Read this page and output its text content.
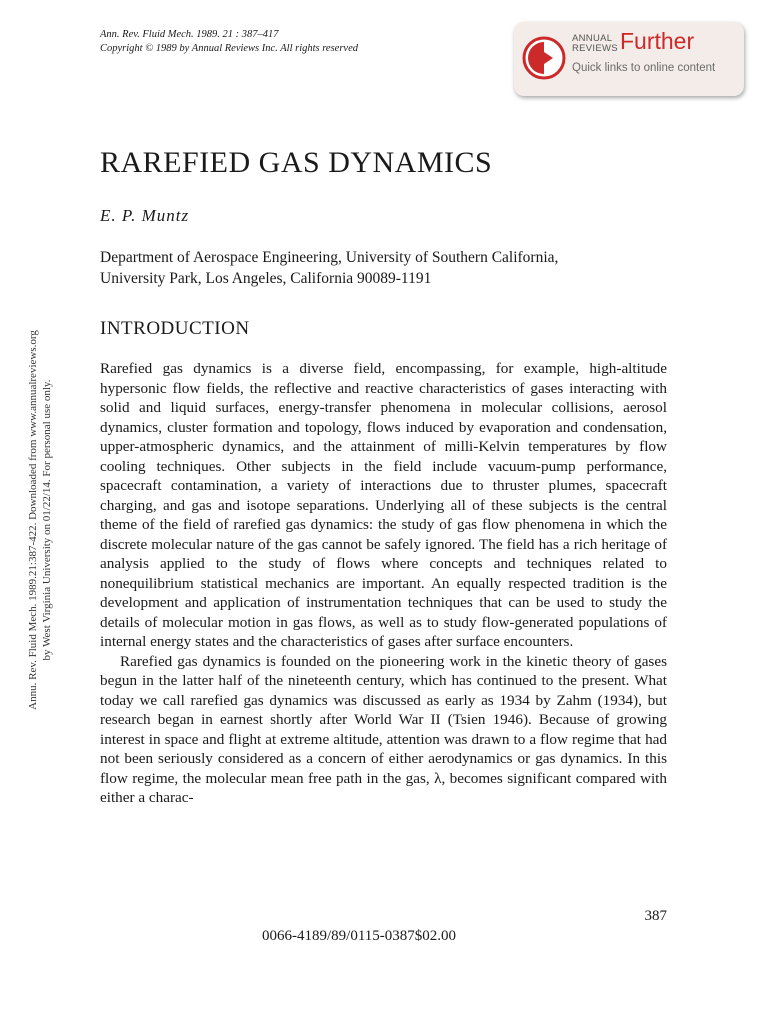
Ann. Rev. Fluid Mech. 1989. 21 : 387–417
Copyright © 1989 by Annual Reviews Inc. All rights reserved
ANNUAL
REVIEWS Further
Quick links to online content
Annu. Rev. Fluid Mech. 1989.21:387-422. Downloaded from www.annualreviews.org by West Virginia University on 01/22/14. For personal use only.
RAREFIED GAS DYNAMICS
E. P. Muntz
Department of Aerospace Engineering, University of Southern California,
University Park, Los Angeles, California 90089-1191
INTRODUCTION

Rarefied gas dynamics is a diverse field, encompassing, for example, high-altitude hypersonic flow fields, the reflective and reactive characteristics of gases interacting with solid and liquid surfaces, energy-transfer phenomena in molecular collisions, aerosol dynamics, cluster formation and topology, flows induced by evaporation and condensation, upper-atmospheric dynamics, and the attainment of milli-Kelvin temperatures by flow cooling techniques. Other subjects in the field include vacuum-pump performance, spacecraft contamination, a variety of interactions due to thruster plumes, spacecraft charging, and gas and isotope separations. Underlying all of these subjects is the central theme of the field of rarefied gas dynamics: the study of gas flow phenomena in which the discrete molecular nature of the gas cannot be safely ignored. The field has a rich heritage of analysis applied to the study of flows where concepts and techniques related to nonequilibrium statistical mechanics are important. An equally respected tradition is the development and application of instrumentation techniques that can be used to study the details of molecular motion in gas flows, as well as to study flow-generated populations of internal energy states and the characteristics of gases after surface encounters.

Rarefied gas dynamics is founded on the pioneering work in the kinetic theory of gases begun in the latter half of the nineteenth century, which has continued to the present. What today we call rarefied gas dynamics was discussed as early as 1934 by Zahm (1934), but research began in earnest shortly after World War II (Tsien 1946). Because of growing interest in space and flight at extreme altitude, attention was drawn to a flow regime that had not been seriously considered as a concern of either aerodynamics or gas dynamics. In this flow regime, the molecular mean free path in the gas, λ, becomes significant compared with either a charac-

387
0066-4189/89/0115-0387$02.00
